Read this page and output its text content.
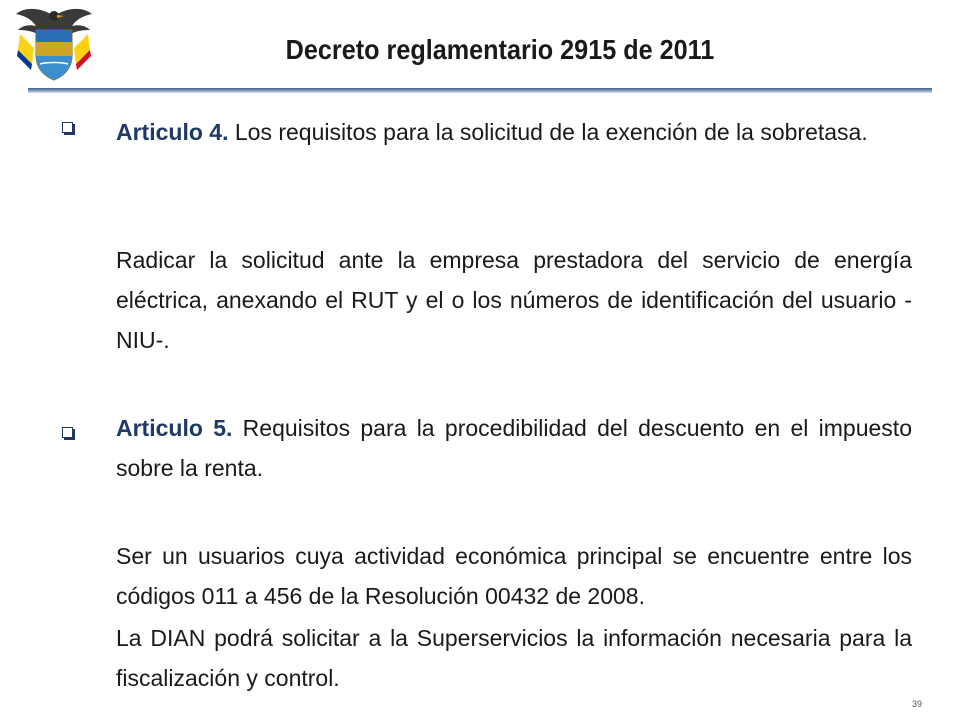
Decreto reglamentario 2915 de 2011
Articulo 4. Los requisitos para la solicitud de la exención de la sobretasa.
Radicar la solicitud ante la empresa prestadora del servicio de energía eléctrica, anexando el RUT y el o los números de identificación del usuario -NIU-.
Articulo 5. Requisitos para la procedibilidad del descuento en el impuesto sobre la renta.
Ser un usuarios cuya actividad económica principal se encuentre entre los códigos 011 a 456 de la Resolución 00432 de 2008.
La DIAN podrá solicitar a la Superservicios la información necesaria para la fiscalización y control.
39
